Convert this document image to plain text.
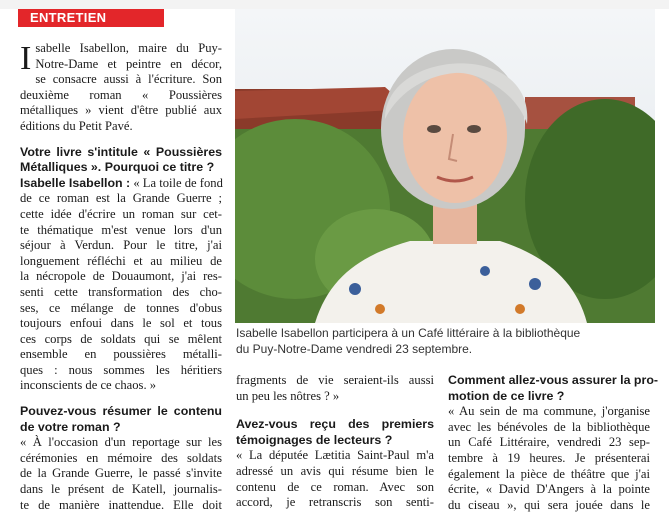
ENTRETIEN

I sabelle Isabellon, maire du Puy-
Notre-Dame et peintre en décor,
se consacre aussi à l'écriture. Son
deuxième roman « Poussières
métalliques » vient d'être publié aux
éditions du Petit Pavé.

Votre livre s'intitule « Poussières
Métalliques ». Pourquoi ce titre ?

Isabelle Isabellon : « La toile de fond
de ce roman est la Grande Guerre ;
cette idée d'écrire un roman sur cet-
te thématique m'est venue lors d'un
séjour à Verdun. Pour le titre, j'ai
longuement réfléchi et au milieu de
la nécropole de Douaumont, j'ai res-
senti cette transformation des cho-
ses, ce mélange de tonnes d'obus
toujours enfoui dans le sol et tous
ces corps de soldats qui se mêlent
ensemble en poussières métalli-
ques : nous sommes les héritiers
inconscients de ce chaos. »

Pouvez-vous résumer le contenu
de votre roman ?

« À l'occasion d'un reportage sur les
cérémonies en mémoire des soldats
de la Grande Guerre, le passé s'invite
dans le présent de Katell, journalis-
te de manière inattendue. Elle doit

Isabelle Isabellon participera à un Café littéraire à la bibliothèque
du Puy-Notre-Dame vendredi 23 septembre.

fragments de vie seraient-ils aussi
un peu les nôtres ? »

Avez-vous reçu des premiers
témoignages de lecteurs ?

« La députée Lætitia Saint-Paul m'a
adressé un avis qui résume bien le
contenu de ce roman. Avec son
accord, je retranscris son senti-

Comment allez-vous assurer la pro-
motion de ce livre ?

« Au sein de ma commune, j'organise
avec les bénévoles de la bibliothèque
un Café Littéraire, vendredi 23 sep-
tembre à 19 heures. Je présenterai
également la pièce de théâtre que j'ai
écrite, « David D'Angers à la pointe
du ciseau », qui sera jouée dans le
